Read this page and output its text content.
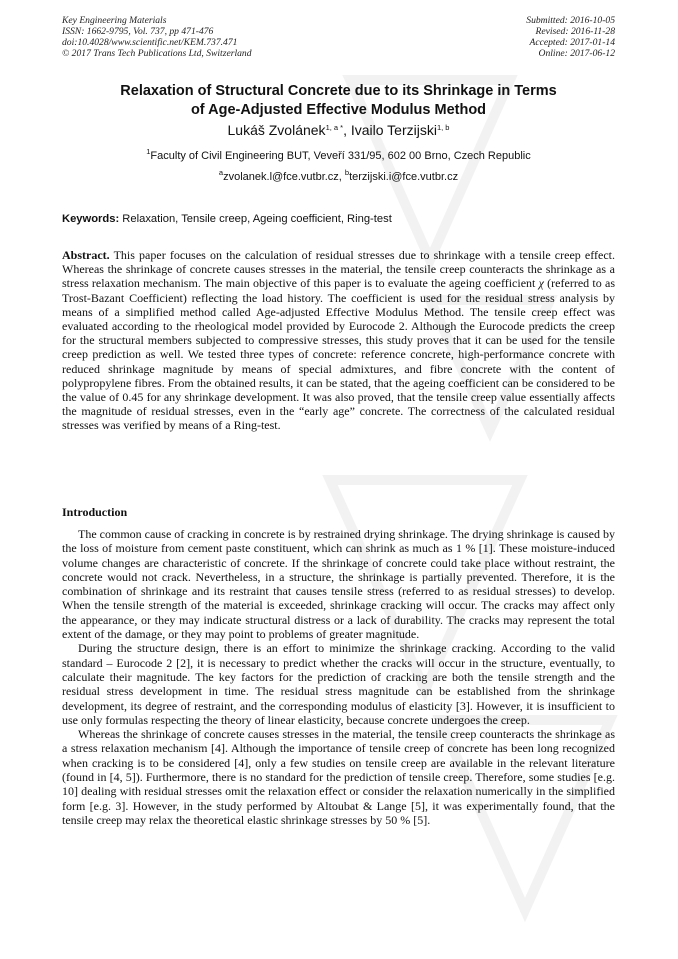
Key Engineering Materials
ISSN: 1662-9795, Vol. 737, pp 471-476
doi:10.4028/www.scientific.net/KEM.737.471
© 2017 Trans Tech Publications Ltd, Switzerland
Submitted: 2016-10-05
Revised: 2016-11-28
Accepted: 2017-01-14
Online: 2017-06-12
Relaxation of Structural Concrete due to its Shrinkage in Terms
of Age-Adjusted Effective Modulus Method
Lukáš Zvolánek$^{1, a *}$, Ivailo Terzijski$^{1, b}$
$^1$Faculty of Civil Engineering BUT, Veveří 331/95, 602 00 Brno, Czech Republic
$^a$zvolanek.l@fce.vutbr.cz, $^b$terzijski.i@fce.vutbr.cz
Keywords: Relaxation, Tensile creep, Ageing coefficient, Ring-test

Abstract. This paper focuses on the calculation of residual stresses due to shrinkage with a tensile creep effect. Whereas the shrinkage of concrete causes stresses in the material, the tensile creep counteracts the shrinkage as a stress relaxation mechanism. The main objective of this paper is to evaluate the ageing coefficient χ (referred to as Trost-Bazant Coefficient) reflecting the load history. The coefficient is used for the residual stress analysis by means of a simplified method called Age-adjusted Effective Modulus Method. The tensile creep effect was evaluated according to the rheological model provided by Eurocode 2. Although the Eurocode predicts the creep for the structural members subjected to compressive stresses, this study proves that it can be used for the tensile creep prediction as well. We tested three types of concrete: reference concrete, high-performance concrete with reduced shrinkage magnitude by means of special admixtures, and fibre concrete with the content of polypropylene fibres. From the obtained results, it can be stated, that the ageing coefficient can be considered to be the value of 0.45 for any shrinkage development. It was also proved, that the tensile creep value essentially affects the magnitude of residual stresses, even in the “early age” concrete. The correctness of the calculated residual stresses was verified by means of a Ring-test.

Introduction

The common cause of cracking in concrete is by restrained drying shrinkage. The drying shrinkage is caused by the loss of moisture from cement paste constituent, which can shrink as much as 1 % [1]. These moisture-induced volume changes are characteristic of concrete. If the shrinkage of concrete could take place without restraint, the concrete would not crack. Nevertheless, in a structure, the shrinkage is partially prevented. Therefore, it is the combination of shrinkage and its restraint that causes tensile stress (referred to as residual stresses) to develop. When the tensile strength of the material is exceeded, shrinkage cracking will occur. The cracks may affect only the appearance, or they may indicate structural distress or a lack of durability. The cracks may represent the total extent of the damage, or they may point to problems of greater magnitude.

During the structure design, there is an effort to minimize the shrinkage cracking. According to the valid standard – Eurocode 2 [2], it is necessary to predict whether the cracks will occur in the structure, eventually, to calculate their magnitude. The key factors for the prediction of cracking are both the tensile strength and the residual stress development in time. The residual stress magnitude can be established from the shrinkage development, its degree of restraint, and the corresponding modulus of elasticity [3]. However, it is insufficient to use only formulas respecting the theory of linear elasticity, because concrete undergoes the creep.

Whereas the shrinkage of concrete causes stresses in the material, the tensile creep counteracts the shrinkage as a stress relaxation mechanism [4]. Although the importance of tensile creep of concrete has been long recognized when cracking is to be considered [4], only a few studies on tensile creep are available in the relevant literature (found in [4, 5]). Furthermore, there is no standard for the prediction of tensile creep. Therefore, some studies [e.g. 10] dealing with residual stresses omit the relaxation effect or consider the relaxation numerically in the simplified form [e.g. 3]. However, in the study performed by Altoubat & Lange [5], it was experimentally found, that the tensile creep may relax the theoretical elastic shrinkage stresses by 50 % [5].
